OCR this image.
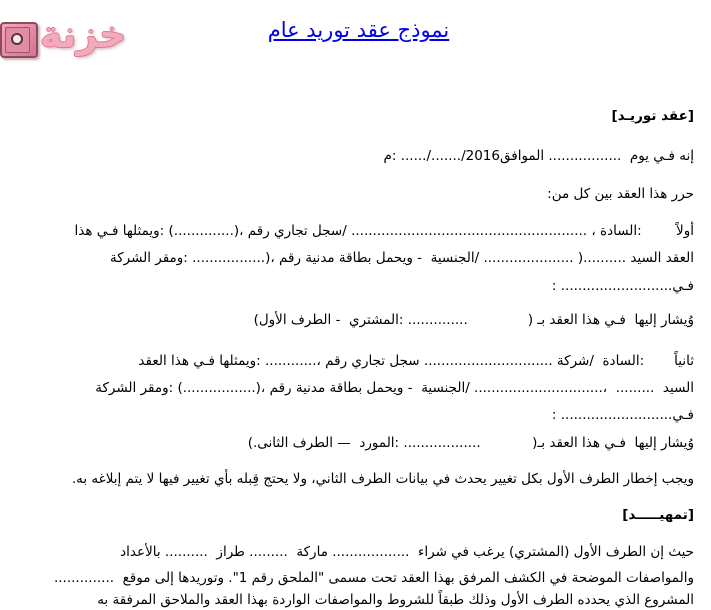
نموذج عقد توريد عام
خزنة
[عقد توريـد]
إنه فـي يوم  ................. الموافق2016/......./...... :م
حرر هذا العقد بين كل من:
أولاً        :السادة ، ....................................................... /سجل تجاري رقم ،(..............) :ويمثلها فـي هذا
العقد السيد ..........( ..................... /الجنسية  - ويحمل بطاقة مدنية رقم ،(................. :ومقر الشركة
فـي.......................... :
وُيشار إليها  فـي هذا العقد بـ (              .............. :المشتري  - الطرف الأول)
ثانياً       :السادة  /شركة .............................. سجل تجاري رقم ،............ :ويمثلها فـي هذا العقد
السيد  .........  ،.............................. /الجنسية  - ويحمل بطاقة مدنية رقم ،(.................) :ومقر الشركة
فـي.......................... :
وُيشار إليها  فـي هذا العقد بـ(            .................. :المورد  — الطرف الثانى.)
ويجب إخطار الطرف الأول بكل تغيير يحدث في بيانات الطرف الثاني، ولا يحتج قِبله بأي تغيير فيها لا يتم إبلاغه به.
[تمهيـــــد]
حيث إن الطرف الأول (المشتري) يرغب في شراء  .................. ماركة  ......... طراز  .......... بالأعداد
والمواصفات الموضحة في الكشف المرفق بهذا العقد تحت مسمى "الملحق رقم 1". وتوريدها إلى موقع  ..............
المشروع الذي يحدده الطرف الأول وذلك طبقاً للشروط والمواصفات الواردة بهذا العقد والملاحق المرفقة به
